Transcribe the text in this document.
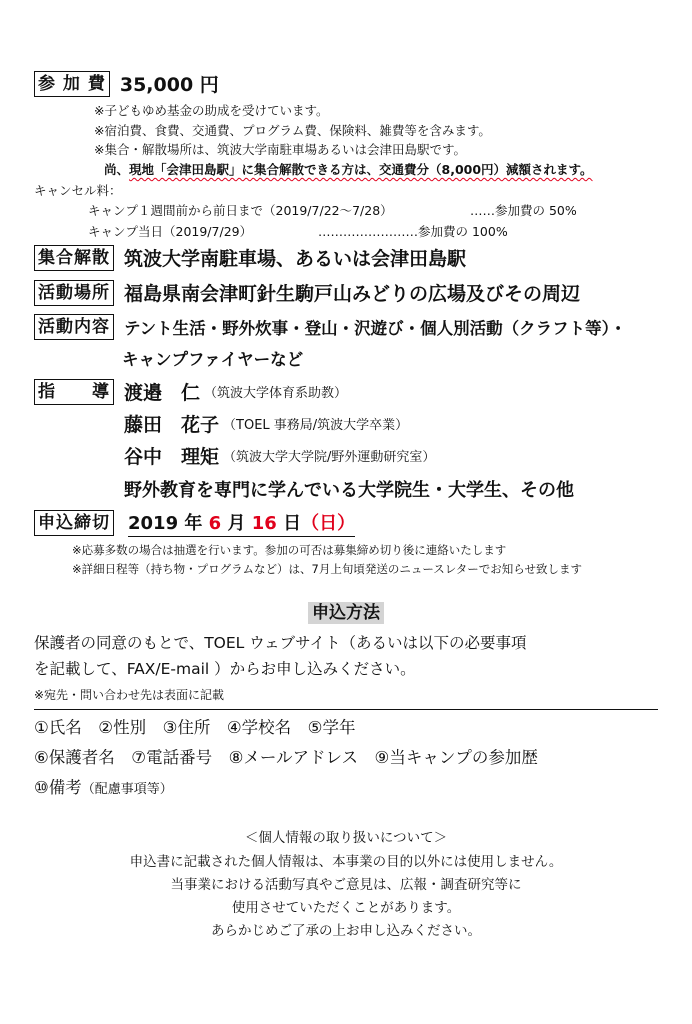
参 加 費 35,000 円
※子どもゆめ基金の助成を受けています。
※宿泊費、食費、交通費、プログラム費、保険料、雑費等を含みます。
※集合・解散場所は、筑波大学南駐車場あるいは会津田島駅です。
尚、現地「会津田島駅」に集合解散できる方は、交通費分（8,000円）減額されます。
キャンセル料：
キャンプ１週間前から前日まで（2019/7/22～7/28）	……参加費の 50%
キャンプ当日（2019/7/29）	……………………参加費の 100%
集合解散 筑波大学南駐車場、あるいは会津田島駅
活動場所 福島県南会津町針生駒戸山みどりの広場及びその周辺
活動内容 テント生活・野外炊事・登山・沢遊び・個人別活動（クラフト等）・
キャンプファイヤーなど
指　　導 渡邉　仁 （筑波大学体育系助教）
藤田　花子 （TOEL 事務局/筑波大学卒業）
谷中　理矩 （筑波大学大学院/野外運動研究室）
野外教育を専門に学んでいる大学院生・大学生、その他
申込締切 2019 年 6 月 16 日（日）
※応募多数の場合は抽選を行います。参加の可否は募集締め切り後に連絡いたします
※詳細日程等（持ち物・プログラムなど）は、7月上旬頃発送のニュースレターでお知らせ致します
申込方法
保護者の同意のもとで、TOEL ウェブサイト（あるいは以下の必要事項
を記載して、FAX/E-mail ）からお申し込みください。
※宛先・問い合わせ先は表面に記載
①氏名　②性別　③住所　④学校名　⑤学年
⑥保護者名　⑦電話番号　⑧メールアドレス　⑨当キャンプの参加歴
⑩備考（配慮事項等）
＜個人情報の取り扱いについて＞
申込書に記載された個人情報は、本事業の目的以外には使用しません。
当事業における活動写真やご意見は、広報・調査研究等に
使用させていただくことがあります。
あらかじめご了承の上お申し込みください。
